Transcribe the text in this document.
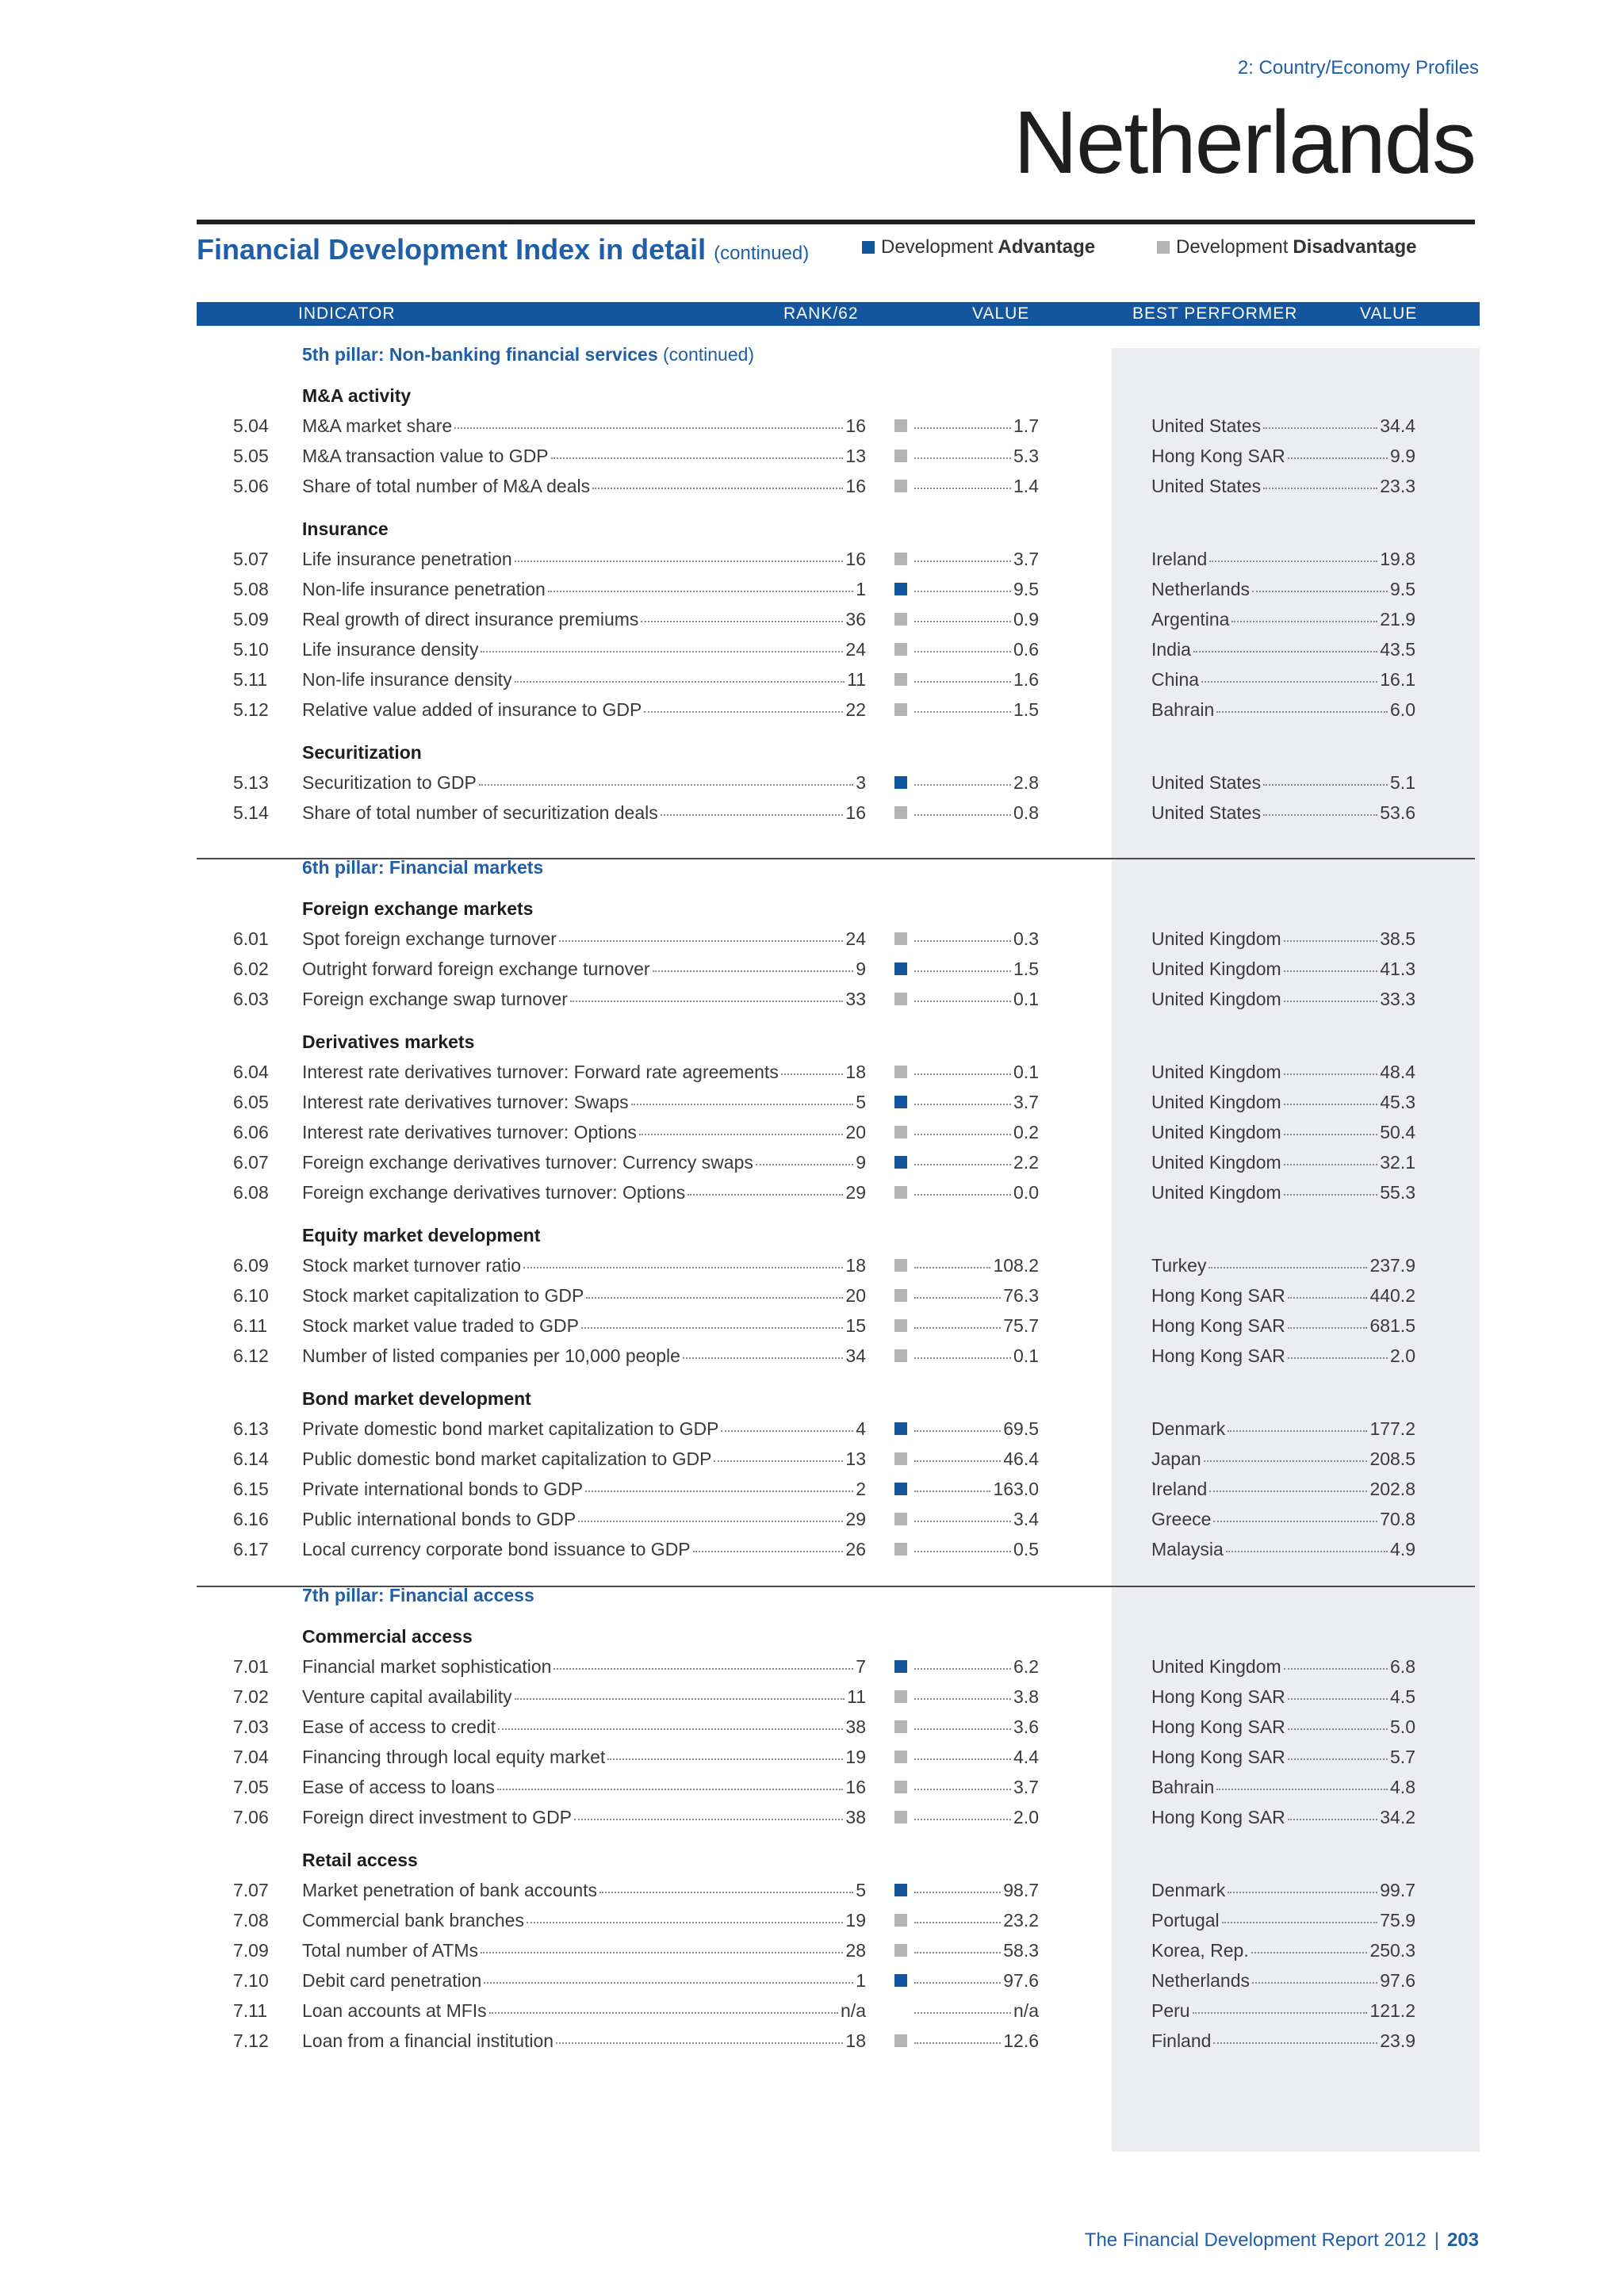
2: Country/Economy Profiles
Netherlands
Financial Development Index in detail (continued)	Development Advantage	Development Disadvantage
INDICATOR	RANK/62	VALUE	BEST PERFORMER	VALUE
5th pillar: Non-banking financial services (continued)
M&A activity
5.04 M&A market share	16	1.7	United States	34.4
5.05 M&A transaction value to GDP	13	5.3	Hong Kong SAR	9.9
5.06 Share of total number of M&A deals	16	1.4	United States	23.3
Insurance
5.07 Life insurance penetration	16	3.7	Ireland	19.8
5.08 Non-life insurance penetration	1	9.5	Netherlands	9.5
5.09 Real growth of direct insurance premiums	36	0.9	Argentina	21.9
5.10 Life insurance density	24	0.6	India	43.5
5.11 Non-life insurance density	11	1.6	China	16.1
5.12 Relative value added of insurance to GDP	22	1.5	Bahrain	6.0
Securitization
5.13 Securitization to GDP	3	2.8	United States	5.1
5.14 Share of total number of securitization deals	16	0.8	United States	53.6
6th pillar: Financial markets
Foreign exchange markets
6.01 Spot foreign exchange turnover	24	0.3	United Kingdom	38.5
6.02 Outright forward foreign exchange turnover	9	1.5	United Kingdom	41.3
6.03 Foreign exchange swap turnover	33	0.1	United Kingdom	33.3
Derivatives markets
6.04 Interest rate derivatives turnover: Forward rate agreements	18	0.1	United Kingdom	48.4
6.05 Interest rate derivatives turnover: Swaps	5	3.7	United Kingdom	45.3
6.06 Interest rate derivatives turnover: Options	20	0.2	United Kingdom	50.4
6.07 Foreign exchange derivatives turnover: Currency swaps	9	2.2	United Kingdom	32.1
6.08 Foreign exchange derivatives turnover: Options	29	0.0	United Kingdom	55.3
Equity market development
6.09 Stock market turnover ratio	18	108.2	Turkey	237.9
6.10 Stock market capitalization to GDP	20	76.3	Hong Kong SAR	440.2
6.11 Stock market value traded to GDP	15	75.7	Hong Kong SAR	681.5
6.12 Number of listed companies per 10,000 people	34	0.1	Hong Kong SAR	2.0
Bond market development
6.13 Private domestic bond market capitalization to GDP	4	69.5	Denmark	177.2
6.14 Public domestic bond market capitalization to GDP	13	46.4	Japan	208.5
6.15 Private international bonds to GDP	2	163.0	Ireland	202.8
6.16 Public international bonds to GDP	29	3.4	Greece	70.8
6.17 Local currency corporate bond issuance to GDP	26	0.5	Malaysia	4.9
7th pillar: Financial access
Commercial access
7.01 Financial market sophistication	7	6.2	United Kingdom	6.8
7.02 Venture capital availability	11	3.8	Hong Kong SAR	4.5
7.03 Ease of access to credit	38	3.6	Hong Kong SAR	5.0
7.04 Financing through local equity market	19	4.4	Hong Kong SAR	5.7
7.05 Ease of access to loans	16	3.7	Bahrain	4.8
7.06 Foreign direct investment to GDP	38	2.0	Hong Kong SAR	34.2
Retail access
7.07 Market penetration of bank accounts	5	98.7	Denmark	99.7
7.08 Commercial bank branches	19	23.2	Portugal	75.9
7.09 Total number of ATMs	28	58.3	Korea, Rep.	250.3
7.10 Debit card penetration	1	97.6	Netherlands	97.6
7.11 Loan accounts at MFIs	n/a	n/a	Peru	121.2
7.12 Loan from a financial institution	18	12.6	Finland	23.9
The Financial Development Report 2012 | 203
